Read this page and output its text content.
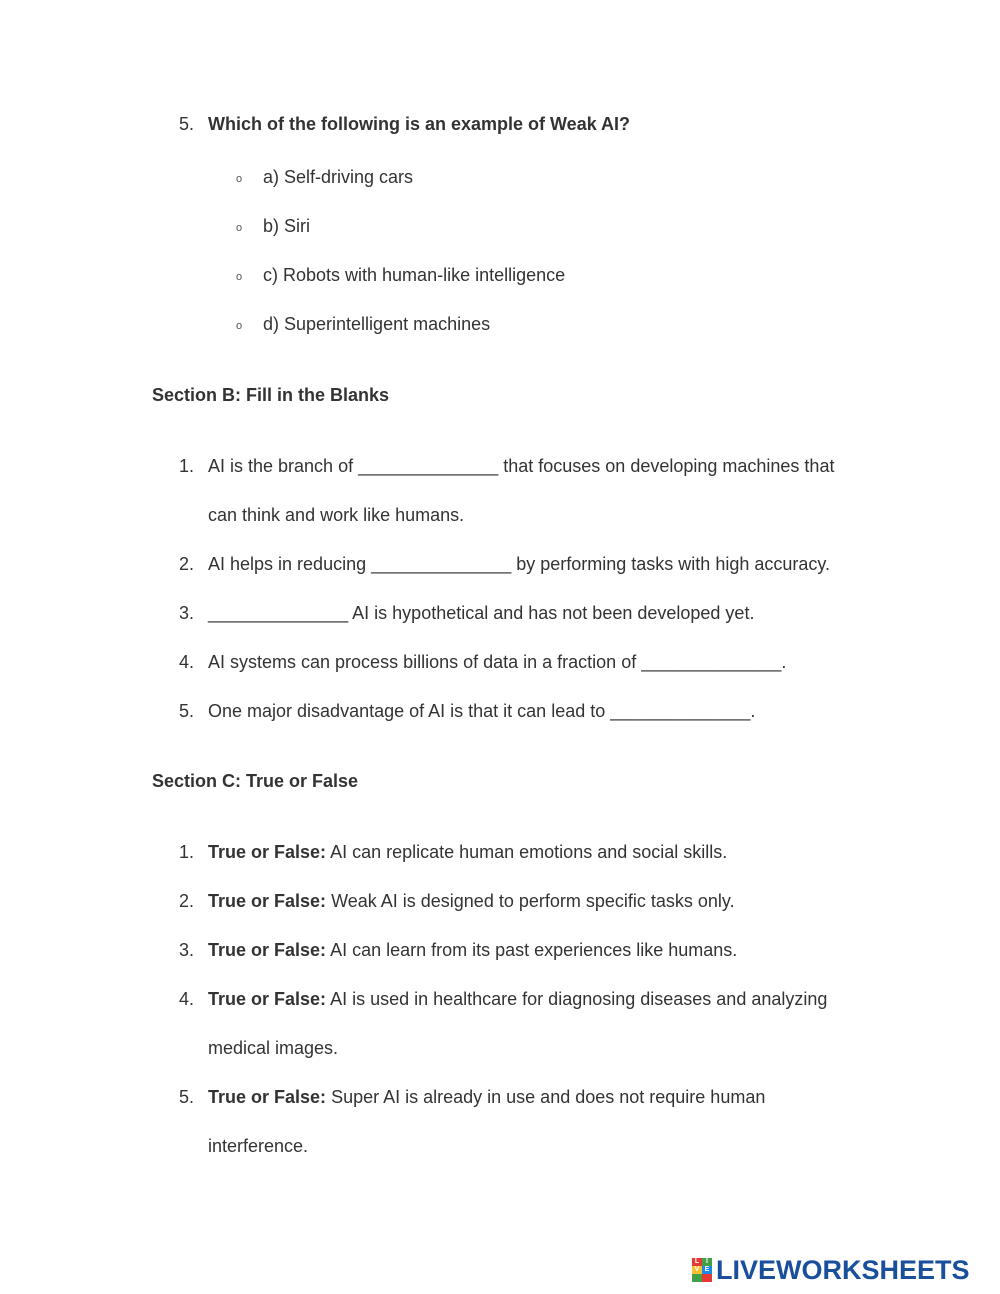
5. Which of the following is an example of Weak AI?
o a) Self-driving cars
o b) Siri
o c) Robots with human-like intelligence
o d) Superintelligent machines
Section B: Fill in the Blanks
1. AI is the branch of ______________ that focuses on developing machines that
can think and work like humans.
2. AI helps in reducing ______________ by performing tasks with high accuracy.
3. ______________ AI is hypothetical and has not been developed yet.
4. AI systems can process billions of data in a fraction of ______________.
5. One major disadvantage of AI is that it can lead to ______________.
Section C: True or False
1. True or False: AI can replicate human emotions and social skills.
2. True or False: Weak AI is designed to perform specific tasks only.
3. True or False: AI can learn from its past experiences like humans.
4. True or False: AI is used in healthcare for diagnosing diseases and analyzing
medical images.
5. True or False: Super AI is already in use and does not require human
interference.
L I
V E LIVEWORKSHEETS
